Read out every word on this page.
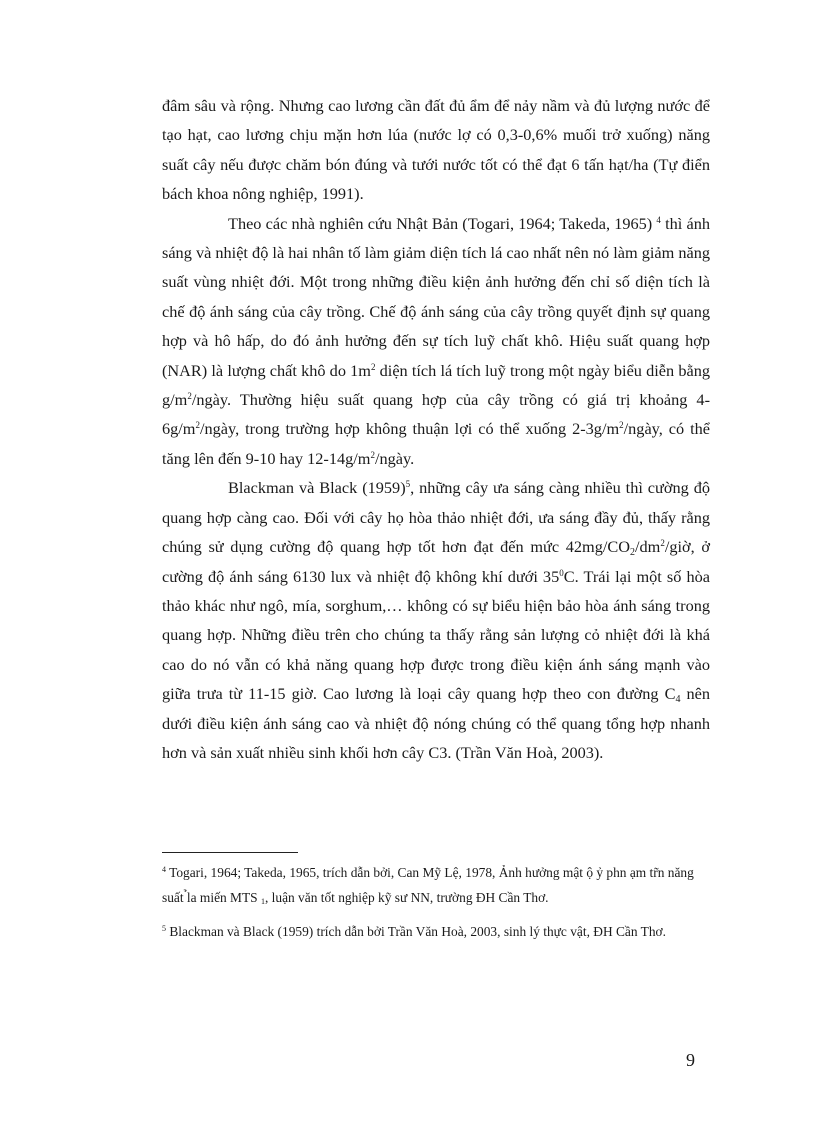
đâm sâu và rộng. Nhưng cao lương cần đất đủ ẩm để nảy nầm và đủ lượng nước để tạo hạt, cao lương chịu mặn hơn lúa (nước lợ có 0,3-0,6% muối trở xuống) năng suất cây nếu được chăm bón đúng và tưới nước tốt có thể đạt 6 tấn hạt/ha (Tự điển bách khoa nông nghiệp, 1991).

Theo các nhà nghiên cứu Nhật Bản (Togari, 1964; Takeda, 1965) $^4$ thì ánh sáng và nhiệt độ là hai nhân tố làm giảm diện tích lá cao nhất nên nó làm giảm năng suất vùng nhiệt đới. Một trong những điều kiện ảnh hưởng đến chỉ số diện tích là chế độ ánh sáng của cây trồng. Chế độ ánh sáng của cây trồng quyết định sự quang hợp và hô hấp, do đó ảnh hưởng đến sự tích luỹ chất khô. Hiệu suất quang hợp (NAR) là lượng chất khô do $1m^2$ diện tích lá tích luỹ trong một ngày biểu diễn bằng $g/m^2$/ngày. Thường hiệu suất quang hợp của cây trồng có giá trị khoảng $4-6g/m^2$/ngày, trong trường hợp không thuận lợi có thể xuống $2-3g/m^2$/ngày, có thể tăng lên đến 9-10 hay $12-14g/m^2$/ngày.

Blackman và Black $(1959)^5$, những cây ưa sáng càng nhiều thì cường độ quang hợp càng cao. Đối với cây họ hòa thảo nhiệt đới, ưa sáng đầy đủ, thấy rằng chúng sử dụng cường độ quang hợp tốt hơn đạt đến mức $42mg/CO_2/dm^2$/giờ, ở cường độ ánh sáng 6130 lux và nhiệt độ không khí dưới $35^0C$. Trái lại một số hòa thảo khác như ngô, mía, sorghum,… không có sự biểu hiện bảo hòa ánh sáng trong quang hợp. Những điều trên cho chúng ta thấy rằng sản lượng cỏ nhiệt đới là khá cao do nó vẫn có khả năng quang hợp được trong điều kiện ánh sáng mạnh vào giữa trưa từ 11-15 giờ. Cao lương là loại cây quang hợp theo con đường $C_4$ nên dưới điều kiện ánh sáng cao và nhiệt độ nóng chúng có thể quang tổng hợp nhanh hơn và sản xuất nhiều sinh khối hơn cây C3. (Trần Văn Hoà, 2003).

$^4$ Togari, 1964; Takeda, 1965, trích dẫn bởi, Can Mỹ Lệ, 1978, Ảnh hưởng mật ộ ỷ phn ạm tr̃n năng suất ̉la miến MTS $_1$, luận văn tốt nghiệp kỹ sư NN, trường ĐH Cần Thơ.

$^5$ Blackman và Black (1959) trích dẫn bởi Trần Văn Hoà, 2003, sinh lý thực vật, ĐH Cần Thơ.

9
